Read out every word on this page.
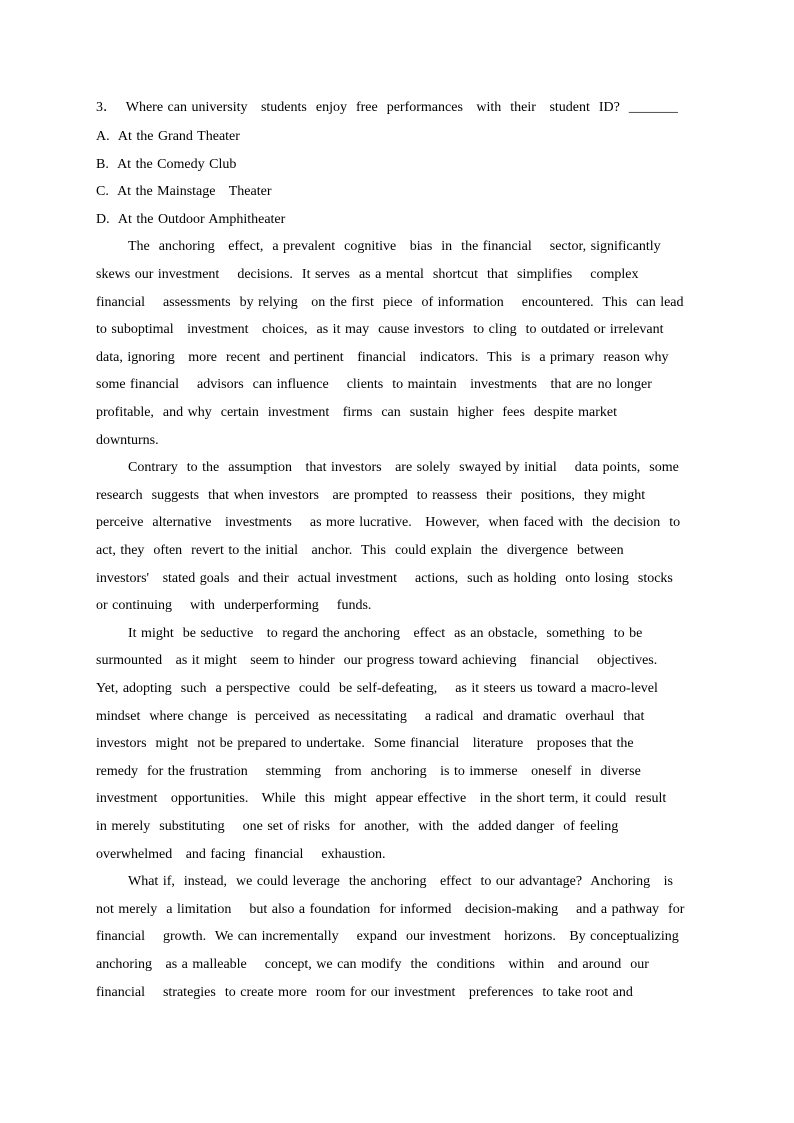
3．  Where can university   students  enjoy  free  performances   with  their   student  ID?  _______
A.  At the Grand Theater
B.  At the Comedy Club
C.  At the Mainstage   Theater
D.  At the Outdoor Amphitheater
The  anchoring   effect,  a prevalent  cognitive   bias  in  the financial    sector, significantly
skews our investment    decisions.  It serves  as a mental  shortcut  that  simplifies    complex
financial    assessments  by relying   on the first  piece  of information    encountered.  This  can lead
to suboptimal   investment   choices,  as it may  cause investors  to cling  to outdated or irrelevant
data, ignoring   more  recent  and pertinent   financial   indicators.  This  is  a primary  reason why
some financial    advisors  can influence    clients  to maintain   investments   that are no longer
profitable,  and why  certain  investment   firms  can  sustain  higher  fees  despite market
downturns.
Contrary  to the  assumption   that investors   are solely  swayed by initial    data points,  some
research  suggests  that when investors   are prompted  to reassess  their  positions,  they might
perceive  alternative   investments    as more lucrative.   However,  when faced with  the decision  to
act, they  often  revert to the initial   anchor.  This  could explain  the  divergence  between
investors'   stated goals  and their  actual investment    actions,  such as holding  onto losing  stocks
or continuing    with  underperforming    funds.
It might  be seductive   to regard the anchoring   effect  as an obstacle,  something  to be
surmounted   as it might   seem to hinder  our progress toward achieving   financial    objectives.
Yet, adopting  such  a perspective  could  be self-defeating,    as it steers us toward a macro-level
mindset  where change  is  perceived  as necessitating    a radical  and dramatic  overhaul  that
investors  might  not be prepared to undertake.  Some financial   literature   proposes that the
remedy  for the frustration    stemming   from  anchoring   is to immerse   oneself  in  diverse
investment   opportunities.   While  this  might  appear effective   in the short term, it could  result
in merely  substituting    one set of risks  for  another,  with  the  added danger  of feeling
overwhelmed   and facing  financial    exhaustion.
What if,  instead,  we could leverage  the anchoring   effect  to our advantage?  Anchoring   is
not merely  a limitation    but also a foundation  for informed   decision-making    and a pathway  for
financial    growth.  We can incrementally    expand  our investment   horizons.   By conceptualizing
anchoring   as a malleable    concept, we can modify  the  conditions   within   and around  our
financial    strategies  to create more  room for our investment   preferences  to take root and
